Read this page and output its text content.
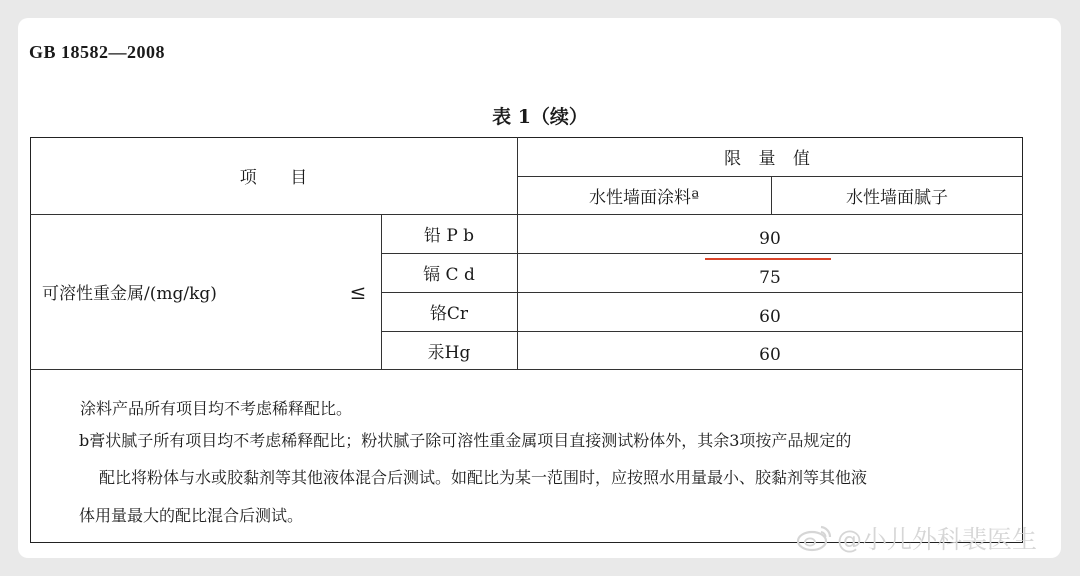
GB 18582—2008
表 1（续）
项 目
限 量 值
水性墙面涂料ª	水性墙面腻子
可溶性重金属/(mg/kg)	≤
铅 P b	90
镉 C d	75
铬Cr	60
汞Hg	60
涂料产品所有项目均不考虑稀释配比。
b膏状腻子所有项目均不考虑稀释配比；粉状腻子除可溶性重金属项目直接测试粉体外，其余3项按产品规定的
配比将粉体与水或胶黏剂等其他液体混合后测试。如配比为某一范围时，应按照水用量最小、胶黏剂等其他液
体用量最大的配比混合后测试。
@小儿外科裴医生
